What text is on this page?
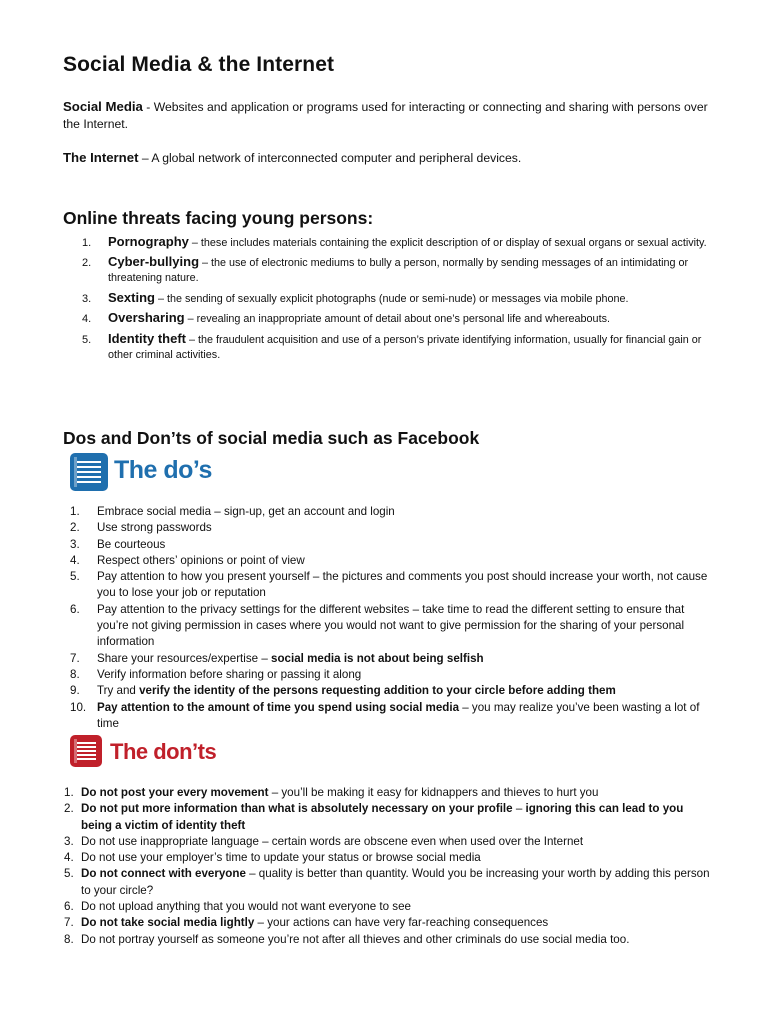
Social Media & the Internet
Social Media - Websites and application or programs used for interacting or connecting and sharing with persons over the Internet.
The Internet – A global network of interconnected computer and peripheral devices.
Online threats facing young persons:
1. Pornography – these includes materials containing the explicit description of or display of sexual organs or sexual activity.
2. Cyber-bullying – the use of electronic mediums to bully a person, normally by sending messages of an intimidating or threatening nature.
3. Sexting – the sending of sexually explicit photographs (nude or semi-nude) or messages via mobile phone.
4. Oversharing – revealing an inappropriate amount of detail about one’s personal life and whereabouts.
5. Identity theft – the fraudulent acquisition and use of a person’s private identifying information, usually for financial gain or other criminal activities.
Dos and Don’ts of social media such as Facebook
The do’s
1. Embrace social media – sign-up, get an account and login
2. Use strong passwords
3. Be courteous
4. Respect others’ opinions or point of view
5. Pay attention to how you present yourself – the pictures and comments you post should increase your worth, not cause you to lose your job or reputation
6. Pay attention to the privacy settings for the different websites – take time to read the different setting to ensure that you’re not giving permission in cases where you would not want to give permission for the sharing of your personal information
7. Share your resources/expertise – social media is not about being selfish
8. Verify information before sharing or passing it along
9. Try and verify the identity of the persons requesting addition to your circle before adding them
10. Pay attention to the amount of time you spend using social media – you may realize you’ve been wasting a lot of time
The don’ts
1. Do not post your every movement – you’ll be making it easy for kidnappers and thieves to hurt you
2. Do not put more information than what is absolutely necessary on your profile – ignoring this can lead to you being a victim of identity theft
3. Do not use inappropriate language – certain words are obscene even when used over the Internet
4. Do not use your employer’s time to update your status or browse social media
5. Do not connect with everyone – quality is better than quantity. Would you be increasing your worth by adding this person to your circle?
6. Do not upload anything that you would not want everyone to see
7. Do not take social media lightly – your actions can have very far-reaching consequences
8. Do not portray yourself as someone you’re not after all thieves and other criminals do use social media too.
